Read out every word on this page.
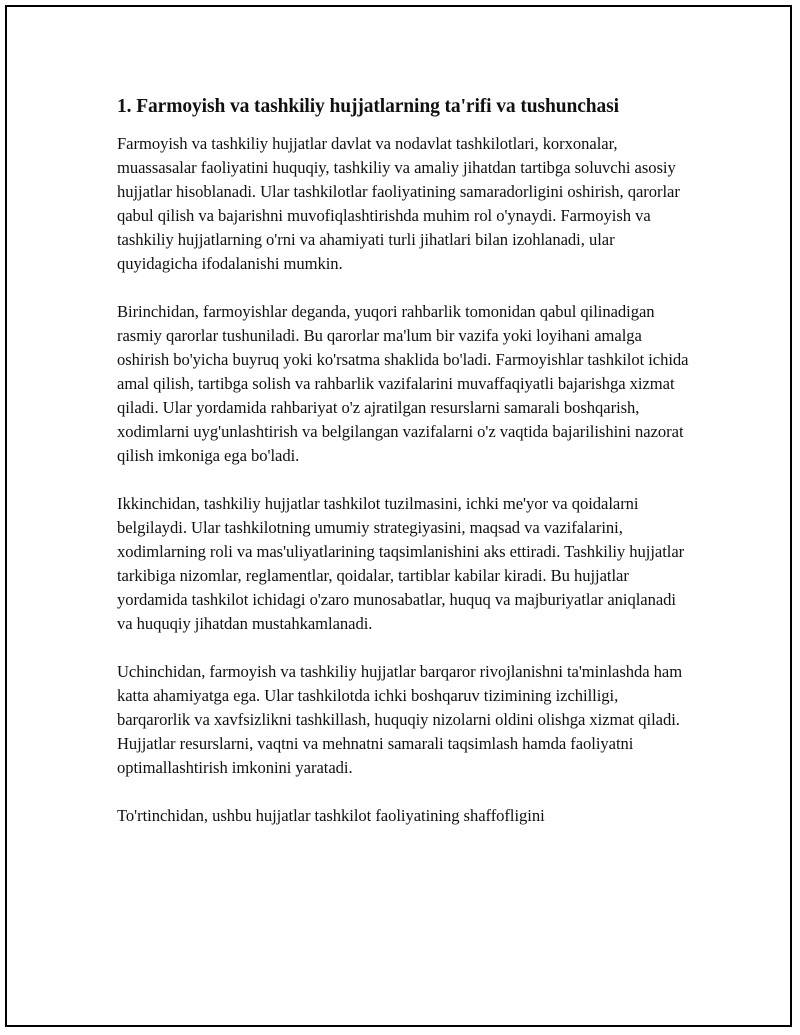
1. Farmoyish va tashkiliy hujjatlarning ta'rifi va tushunchasi

Farmoyish va tashkiliy hujjatlar davlat va nodavlat tashkilotlari, korxonalar, muassasalar faoliyatini huquqiy, tashkiliy va amaliy jihatdan tartibga soluvchi asosiy hujjatlar hisoblanadi. Ular tashkilotlar faoliyatining samaradorligini oshirish, qarorlar qabul qilish va bajarishni muvofiqlashtirishda muhim rol o'ynaydi. Farmoyish va tashkiliy hujjatlarning o'rni va ahamiyati turli jihatlari bilan izohlanadi, ular quyidagicha ifodalanishi mumkin.

Birinchidan, farmoyishlar deganda, yuqori rahbarlik tomonidan qabul qilinadigan rasmiy qarorlar tushuniladi. Bu qarorlar ma'lum bir vazifa yoki loyihani amalga oshirish bo'yicha buyruq yoki ko'rsatma shaklida bo'ladi. Farmoyishlar tashkilot ichida amal qilish, tartibga solish va rahbarlik vazifalarini muvaffaqiyatli bajarishga xizmat qiladi. Ular yordamida rahbariyat o'z ajratilgan resurslarni samarali boshqarish, xodimlarni uyg'unlashtirish va belgilangan vazifalarni o'z vaqtida bajarilishini nazorat qilish imkoniga ega bo'ladi.

Ikkinchidan, tashkiliy hujjatlar tashkilot tuzilmasini, ichki me'yor va qoidalarni belgilaydi. Ular tashkilotning umumiy strategiyasini, maqsad va vazifalarini, xodimlarning roli va mas'uliyatlarining taqsimlanishini aks ettiradi. Tashkiliy hujjatlar tarkibiga nizomlar, reglamentlar, qoidalar, tartiblar kabilar kiradi. Bu hujjatlar yordamida tashkilot ichidagi o'zaro munosabatlar, huquq va majburiyatlar aniqlanadi va huquqiy jihatdan mustahkamlanadi.

Uchinchidan, farmoyish va tashkiliy hujjatlar barqaror rivojlanishni ta'minlashda ham katta ahamiyatga ega. Ular tashkilotda ichki boshqaruv tizimining izchilligi, barqarorlik va xavfsizlikni tashkillash, huquqiy nizolarni oldini olishga xizmat qiladi. Hujjatlar resurslarni, vaqtni va mehnatni samarali taqsimlash hamda faoliyatni optimallashtirish imkonini yaratadi.

To'rtinchidan, ushbu hujjatlar tashkilot faoliyatining shaffofligini
